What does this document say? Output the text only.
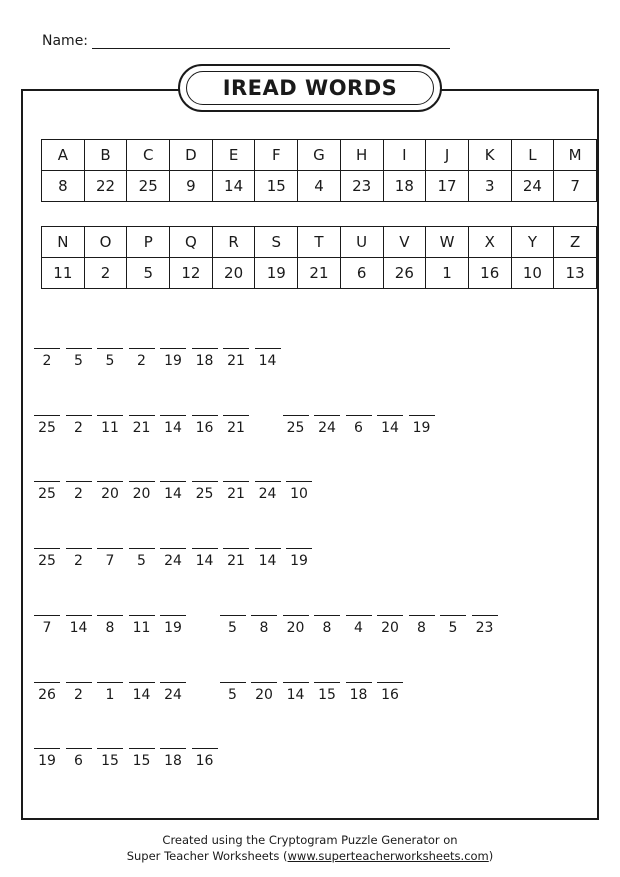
Name:
IREAD WORDS
A	B	C	D	E	F	G	H	I	J	K	L	M
8	22	25	9	14	15	4	23	18	17	3	24	7
N	O	P	Q	R	S	T	U	V	W	X	Y	Z
11	2	5	12	20	19	21	6	26	1	16	10	13
2 5 5 2 19 18 21 14
25 2 11 21 14 16 21	25 24 6 14 19
25 2 20 20 14 25 21 24 10
25 2 7 5 24 14 21 14 19
7 14 8 11 19	5 8 20 8 4 20 8 5 23
26 2 1 14 24	5 20 14 15 18 16
19 6 15 15 18 16
Created using the Cryptogram Puzzle Generator on
Super Teacher Worksheets (www.superteacherworksheets.com)
